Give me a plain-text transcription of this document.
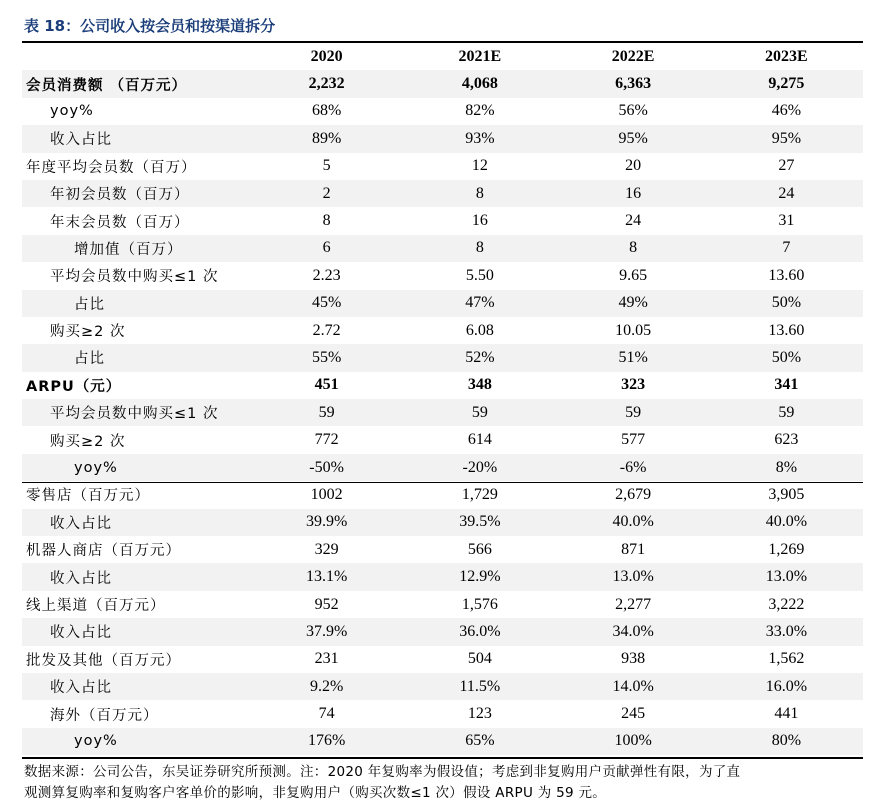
表 18：公司收入按会员和按渠道拆分
	2020	2021E	2022E	2023E
会员消费额 （百万元）	2,232	4,068	6,363	9,275
yoy%	68%	82%	56%	46%
收入占比	89%	93%	95%	95%
年度平均会员数（百万）	5	12	20	27
年初会员数（百万）	2	8	16	24
年末会员数（百万）	8	16	24	31
增加值（百万）	6	8	8	7
平均会员数中购买≤1 次	2.23	5.50	9.65	13.60
占比	45%	47%	49%	50%
购买≥2 次	2.72	6.08	10.05	13.60
占比	55%	52%	51%	50%
ARPU（元）	451	348	323	341
平均会员数中购买≤1 次	59	59	59	59
购买≥2 次	772	614	577	623
yoy%	-50%	-20%	-6%	8%
零售店（百万元）	1002	1,729	2,679	3,905
收入占比	39.9%	39.5%	40.0%	40.0%
机器人商店（百万元）	329	566	871	1,269
收入占比	13.1%	12.9%	13.0%	13.0%
线上渠道（百万元）	952	1,576	2,277	3,222
收入占比	37.9%	36.0%	34.0%	33.0%
批发及其他（百万元）	231	504	938	1,562
收入占比	9.2%	11.5%	14.0%	16.0%
海外（百万元）	74	123	245	441
yoy%	176%	65%	100%	80%
数据来源：公司公告，东吴证券研究所预测。注：2020 年复购率为假设值；考虑到非复购用户贡献弹性有限，为了直
观测算复购率和复购客户客单价的影响，非复购用户（购买次数≤1 次）假设 ARPU 为 59 元。
